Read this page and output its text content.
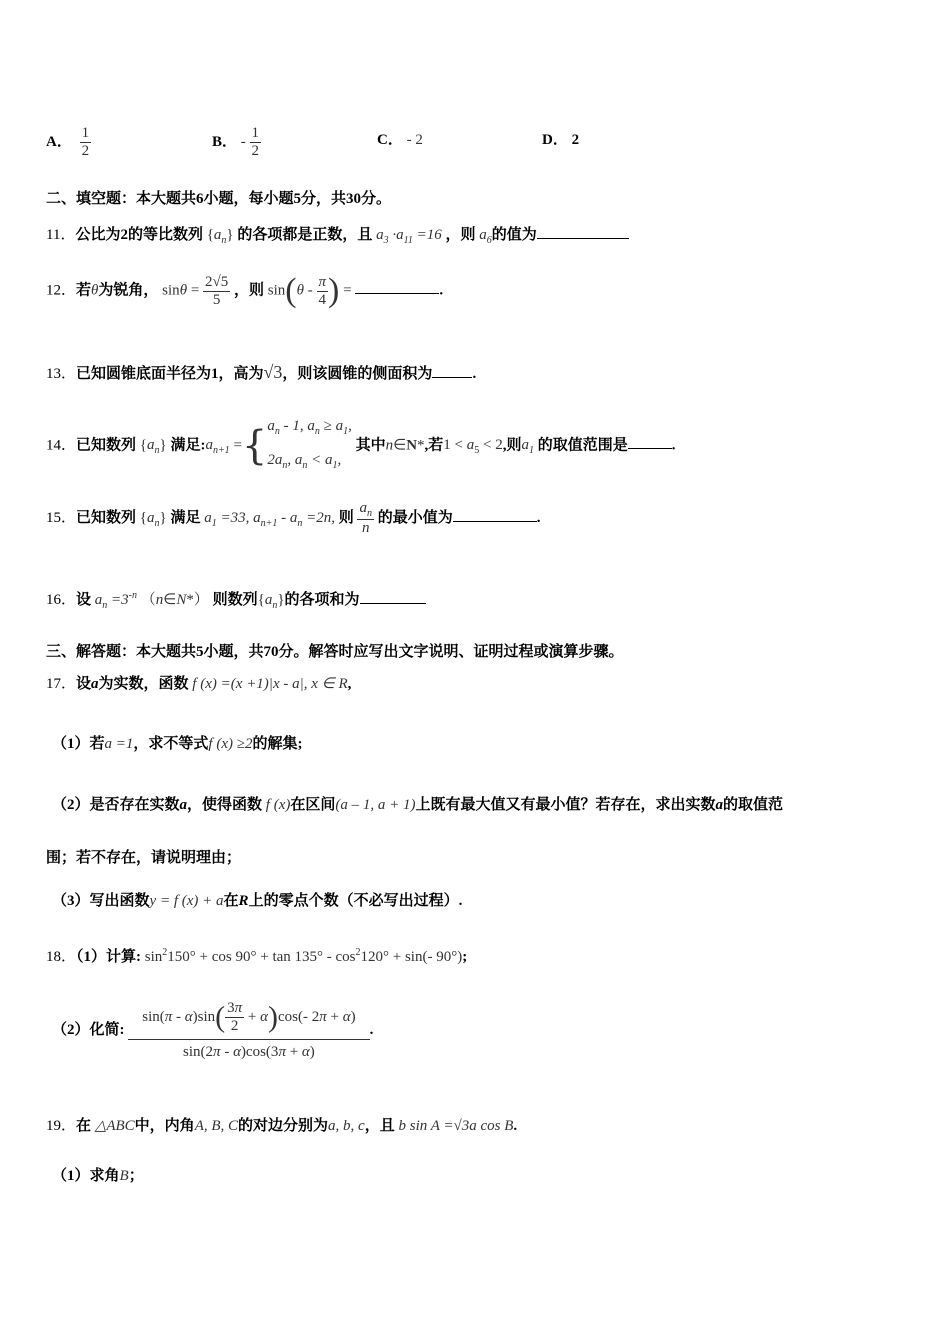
A． $\frac{1}{2}$	B． - $\frac{1}{2}$	C． - 2	D． 2
二、填空题：本大题共6小题，每小题5分，共30分。
11．公比为2的等比数列 $\{a_n\}$ 的各项都是正数，且 $a_3 \cdot a_{11} =16$ ，则 $a_6$的值为
12．若θ为锐角， $\sin\theta = \frac{2√5}{5}$ ，则 $\sin(\theta - \frac{\pi}{4}$ ) =	.
13．已知圆锥底面半径为1，高为√3，则该圆锥的侧面积为	.
14．已知数列 $\{a_n\}$ 满足$:a_{n+1}$ ={ $a_n - 1$, $a_n \ge a_1$,
$2a_n$, $a_n < a_1$,
其中n∈N*,若$1 < a_5 < 2$,则$a_1$ 的取值范围是	.
15．已知数列 $\{a_n\}$ 满足 $a_1 =33$, $a_{n+1} - a_n =2n$, 则 $\frac{a_n}{n}$ 的最小值为	.
16．设 $a_n =3^{-n}$ （n∈N*） 则数列$\{a_n\}$的各项和为
三、解答题：本大题共5小题，共70分。解答时应写出文字说明、证明过程或演算步骤。
17．设a为实数，函数 f (x) =(x +1)|x - a|, x ∈ R,
（1）若a =1，求不等式f (x) ≥2的解集;
（2）是否存在实数a，使得函数 f (x)在区间(a – 1, a + 1)上既有最大值又有最小值？若存在，求出实数a的取值范
围；若不存在，请说明理由；
（3）写出函数y = f (x) + a在R上的零点个数（不必写出过程）.
18．（1）计算: $\sin^2150^\circ + \cos 90^\circ + \tan 135^\circ - \cos^2120^\circ + \sin(-$ 90°);
（2）化简: $\frac{\sin(\pi - \alpha)\sin( \frac{3\pi}{2} + \alpha)\cos(- 2\pi + \alpha)}{\sin(2\pi - \alpha)\cos(3\pi + \alpha)}$ .
19．在 △ABC中，内角A, B, C的对边分别为a, b, c，且 b sin A =√3a cos B.
（1）求角B；
